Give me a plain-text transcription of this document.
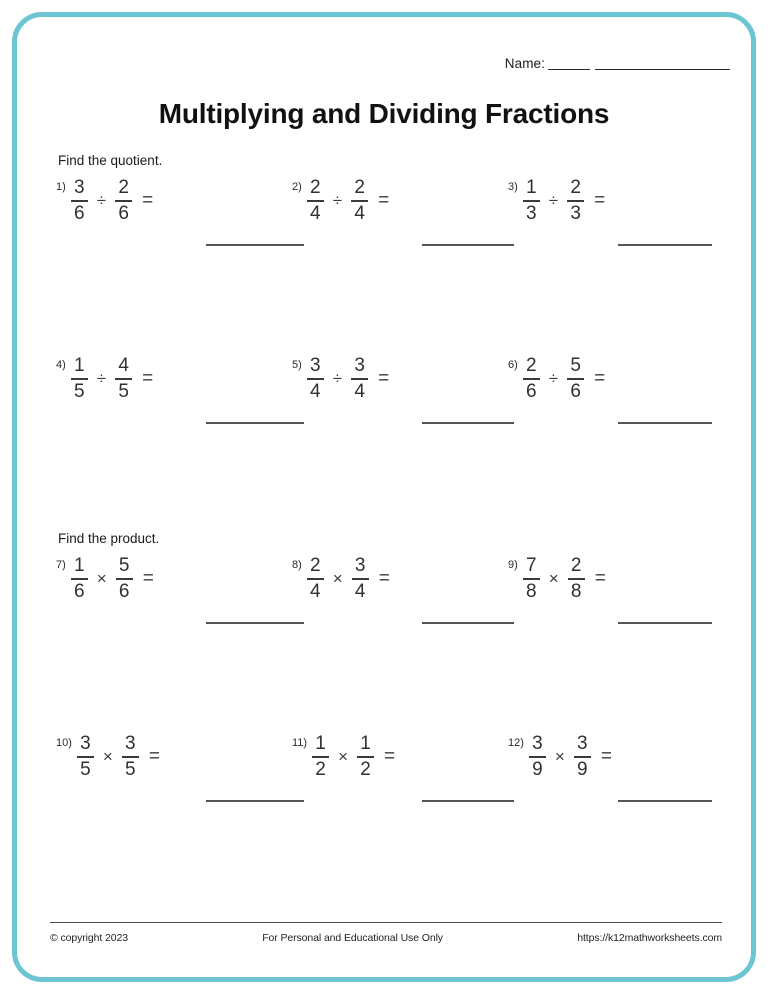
Name:
Multiplying and Dividing Fractions
Find the quotient.
Find the product.
$1) \frac{3}{6} \div \frac{2}{6}$ =
$2) \frac{2}{4} \div \frac{2}{4}$ =
$3) \frac{1}{3} \div \frac{2}{3}$ =
$4) \frac{1}{5} \div \frac{4}{5}$ =
$5) \frac{3}{4} \div \frac{3}{4}$ =
$6) \frac{2}{6} \div \frac{5}{6}$ =
$7) \frac{1}{6} \times \frac{5}{6}$ =
$8) \frac{2}{4} \times \frac{3}{4}$ =
$9) \frac{7}{8} \times \frac{2}{8}$ =
$10) \frac{3}{5} \times \frac{3}{5}$ =
$11) \frac{1}{2} \times \frac{1}{2}$ =
$12) \frac{3}{9} \times \frac{3}{9}$ =
© copyright 2023	For Personal and Educational Use Only	https://k12mathworksheets.com
